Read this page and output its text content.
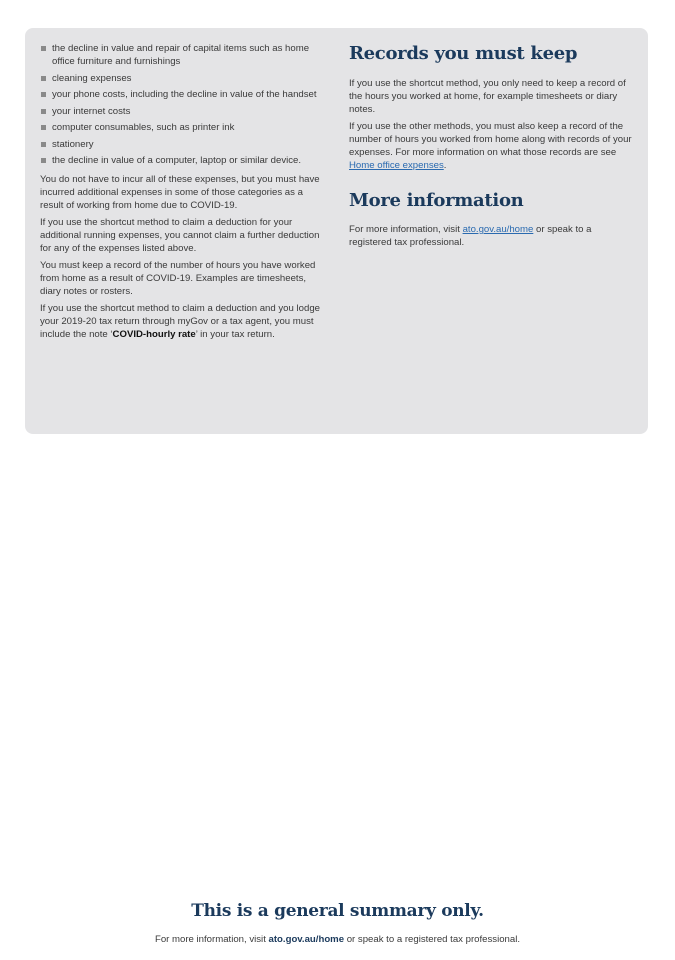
the decline in value and repair of capital items such as home office furniture and furnishings
cleaning expenses
your phone costs, including the decline in value of the handset
your internet costs
computer consumables, such as printer ink
stationery
the decline in value of a computer, laptop or similar device.

You do not have to incur all of these expenses, but you must have incurred additional expenses in some of those categories as a result of working from home due to COVID-19.

If you use the shortcut method to claim a deduction for your additional running expenses, you cannot claim a further deduction for any of the expenses listed above.

You must keep a record of the number of hours you have worked from home as a result of COVID-19. Examples are timesheets, diary notes or rosters.

If you use the shortcut method to claim a deduction and you lodge your 2019-20 tax return through myGov or a tax agent, you must include the note ‘COVID-hourly rate’ in your tax return.

Records you must keep

If you use the shortcut method, you only need to keep a record of the hours you worked at home, for example timesheets or diary notes.

If you use the other methods, you must also keep a record of the number of hours you worked from home along with records of your expenses. For more information on what those records are see Home office expenses.

More information

For more information, visit ato.gov.au/home or speak to a registered tax professional.

This is a general summary only.
For more information, visit ato.gov.au/home or speak to a registered tax professional.
